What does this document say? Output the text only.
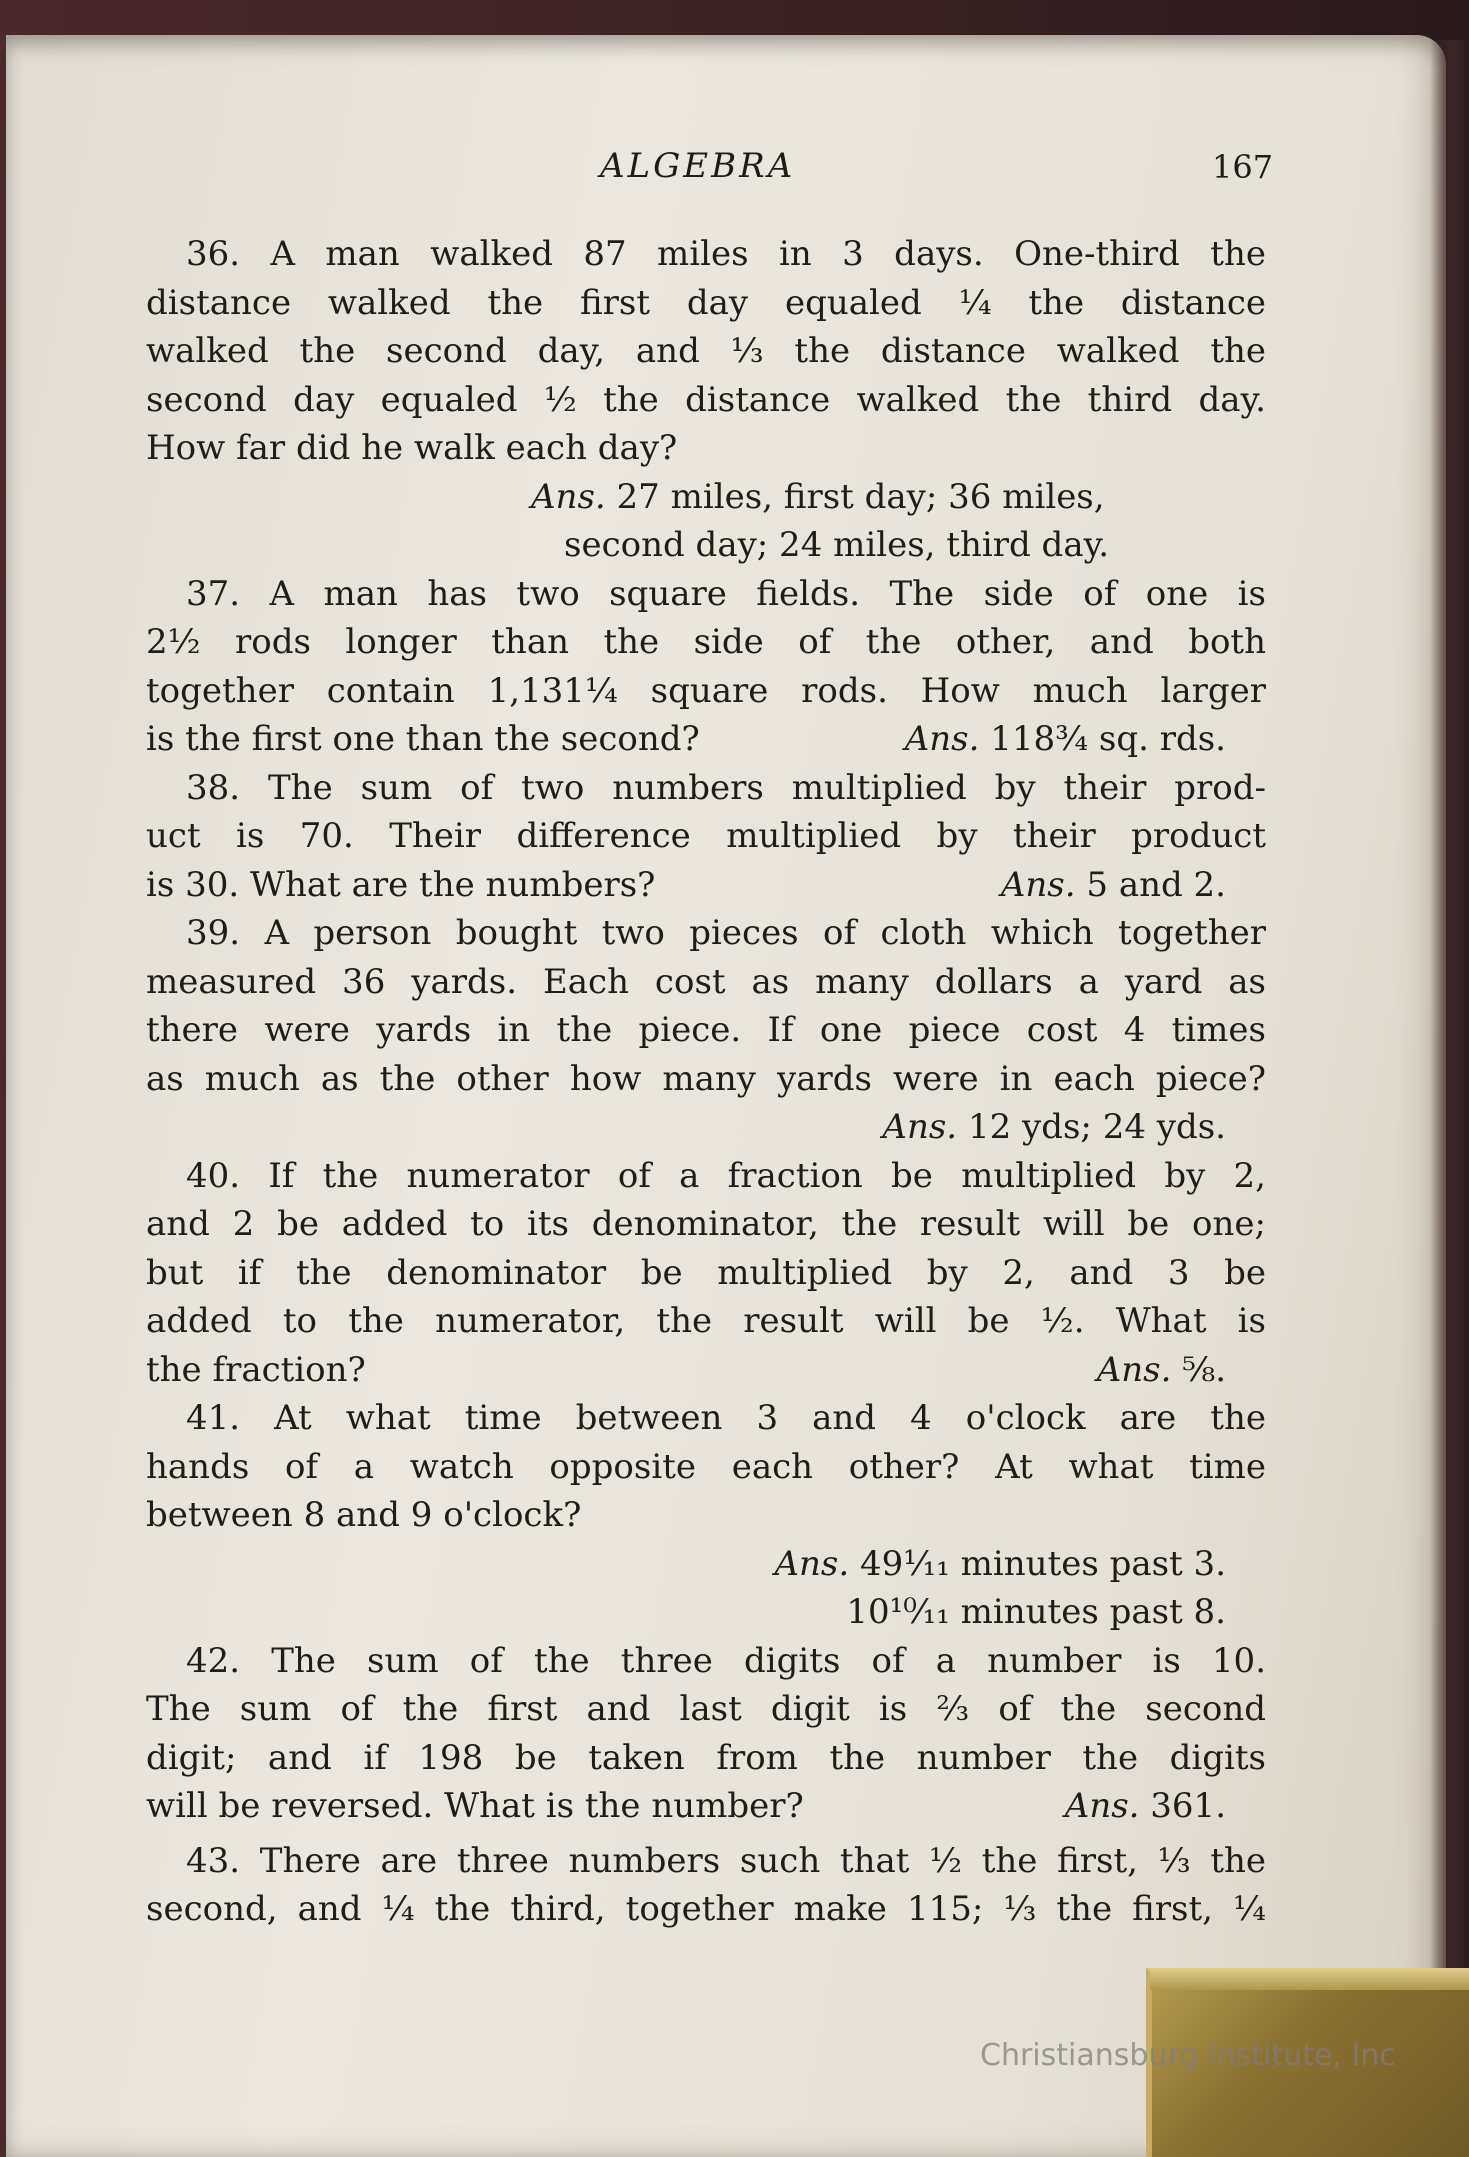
ALGEBRA	167
36. A man walked 87 miles in 3 days. One-third the
distance walked the first day equaled ¼ the distance
walked the second day, and ⅓ the distance walked the
second day equaled ½ the distance walked the third day.
How far did he walk each day?
Ans. 27 miles, first day; 36 miles,
second day; 24 miles, third day.
37. A man has two square fields. The side of one is
2½ rods longer than the side of the other, and both
together contain 1,131¼ square rods. How much larger
is the first one than the second?	Ans. 118¾ sq. rds.
38. The sum of two numbers multiplied by their prod-
uct is 70. Their difference multiplied by their product
is 30. What are the numbers?	Ans. 5 and 2.
39. A person bought two pieces of cloth which together
measured 36 yards. Each cost as many dollars a yard as
there were yards in the piece. If one piece cost 4 times
as much as the other how many yards were in each piece?
Ans. 12 yds; 24 yds.
40. If the numerator of a fraction be multiplied by 2,
and 2 be added to its denominator, the result will be one;
but if the denominator be multiplied by 2, and 3 be
added to the numerator, the result will be ½. What is
the fraction?	Ans. ⅝.
41. At what time between 3 and 4 o'clock are the
hands of a watch opposite each other? At what time
between 8 and 9 o'clock?
Ans. 49¹⁄₁₁ minutes past 3.
10¹⁰⁄₁₁ minutes past 8.
42. The sum of the three digits of a number is 10.
The sum of the first and last digit is ⅔ of the second
digit; and if 198 be taken from the number the digits
will be reversed. What is the number?	Ans. 361.
43. There are three numbers such that ½ the first, ⅓ the
second, and ¼ the third, together make 115; ⅓ the first, ¼
Christiansburg Institute, Inc
